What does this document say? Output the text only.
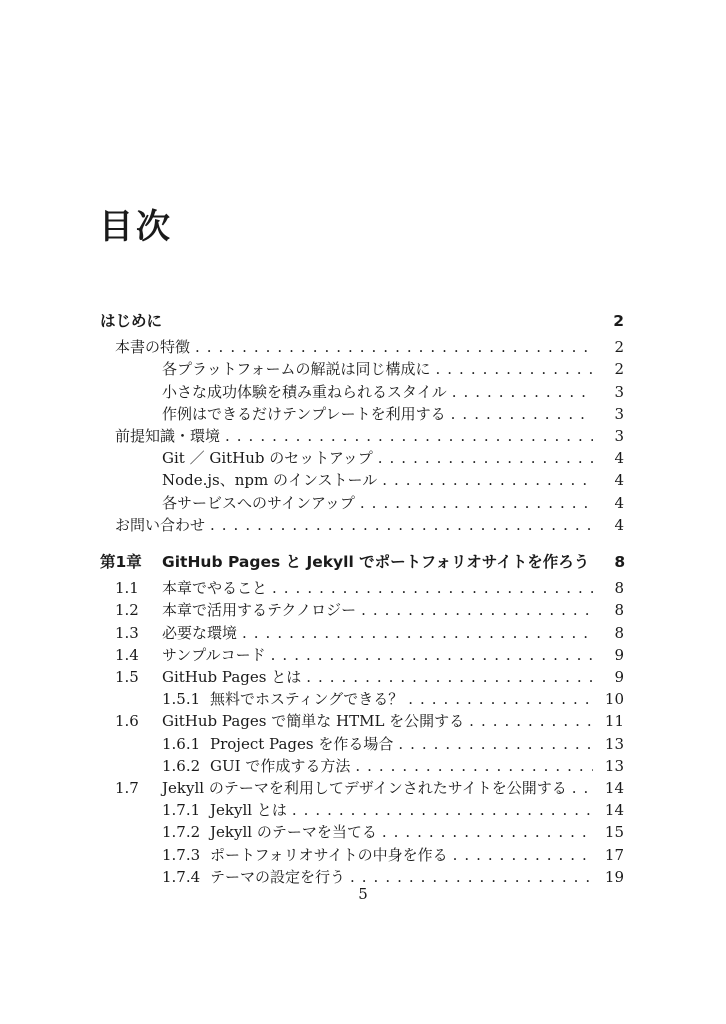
目次
はじめに	2
本書の特徴 .....	2
各プラットフォームの解説は同じ構成に .....	2
小さな成功体験を積み重ねられるスタイル .....	3
作例はできるだけテンプレートを利用する .....	3
前提知識・環境 .....	3
Git ／ GitHub のセットアップ .....	4
Node.js、npm のインストール .....	4
各サービスへのサインアップ .....	4
お問い合わせ .....	4
第1章	GitHub Pages と Jekyll でポートフォリオサイトを作ろう	8
1.1	本章でやること .....	8
1.2	本章で活用するテクノロジー .....	8
1.3	必要な環境 .....	8
1.4	サンプルコード .....	9
1.5	GitHub Pages とは .....	9
1.5.1 無料でホスティングできる？ .....	10
1.6	GitHub Pages で簡単な HTML を公開する .....	11
1.6.1 Project Pages を作る場合 .....	13
1.6.2 GUI で作成する方法 .....	13
1.7	Jekyll のテーマを利用してデザインされたサイトを公開する .....	14
1.7.1 Jekyll とは .....	14
1.7.2 Jekyll のテーマを当てる .....	15
1.7.3 ポートフォリオサイトの中身を作る .....	17
1.7.4 テーマの設定を行う .....	19
5
